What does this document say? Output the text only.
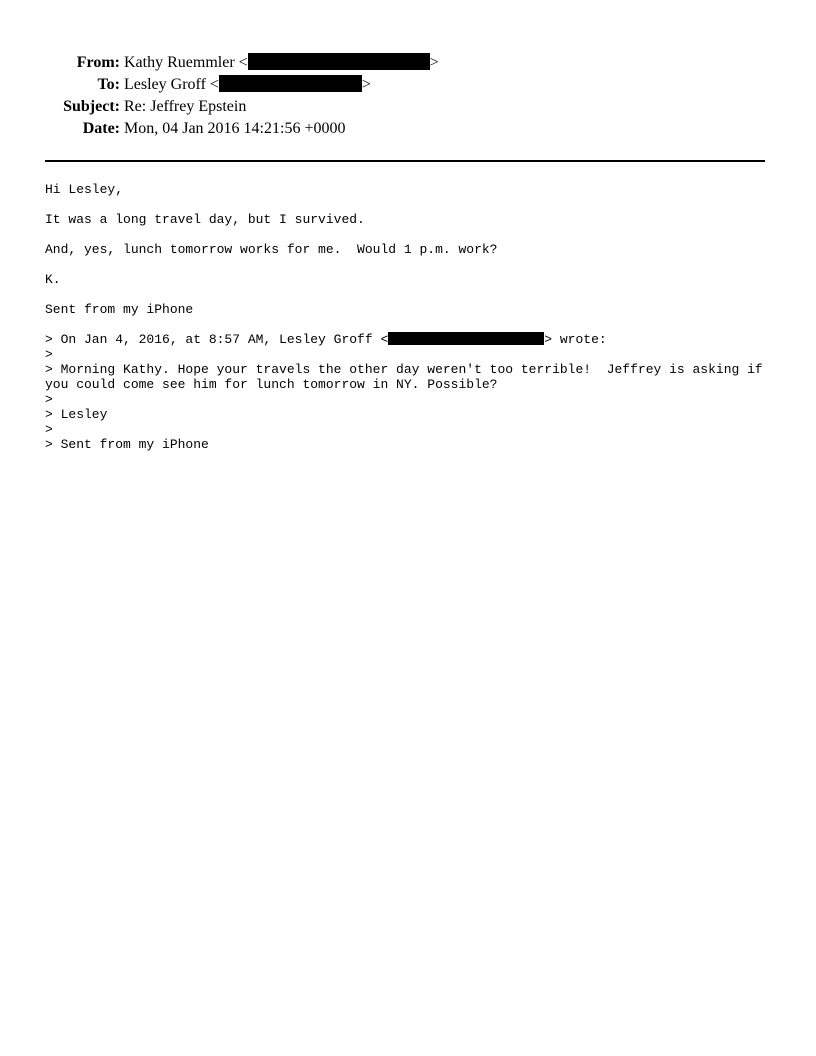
From: Kathy Ruemmler <	>
To: Lesley Groff <	>
Subject: Re: Jeffrey Epstein
Date: Mon, 04 Jan 2016 14:21:56 +0000
Hi Lesley,
It was a long travel day, but I survived.
And, yes, lunch tomorrow works for me.  Would 1 p.m. work?
K.
Sent from my iPhone
> On Jan 4, 2016, at 8:57 AM, Lesley Groff <	> wrote:
>
> Morning Kathy. Hope your travels the other day weren't too terrible!  Jeffrey is asking if you could come see him for lunch tomorrow in NY. Possible?
>
> Lesley
>
> Sent from my iPhone
